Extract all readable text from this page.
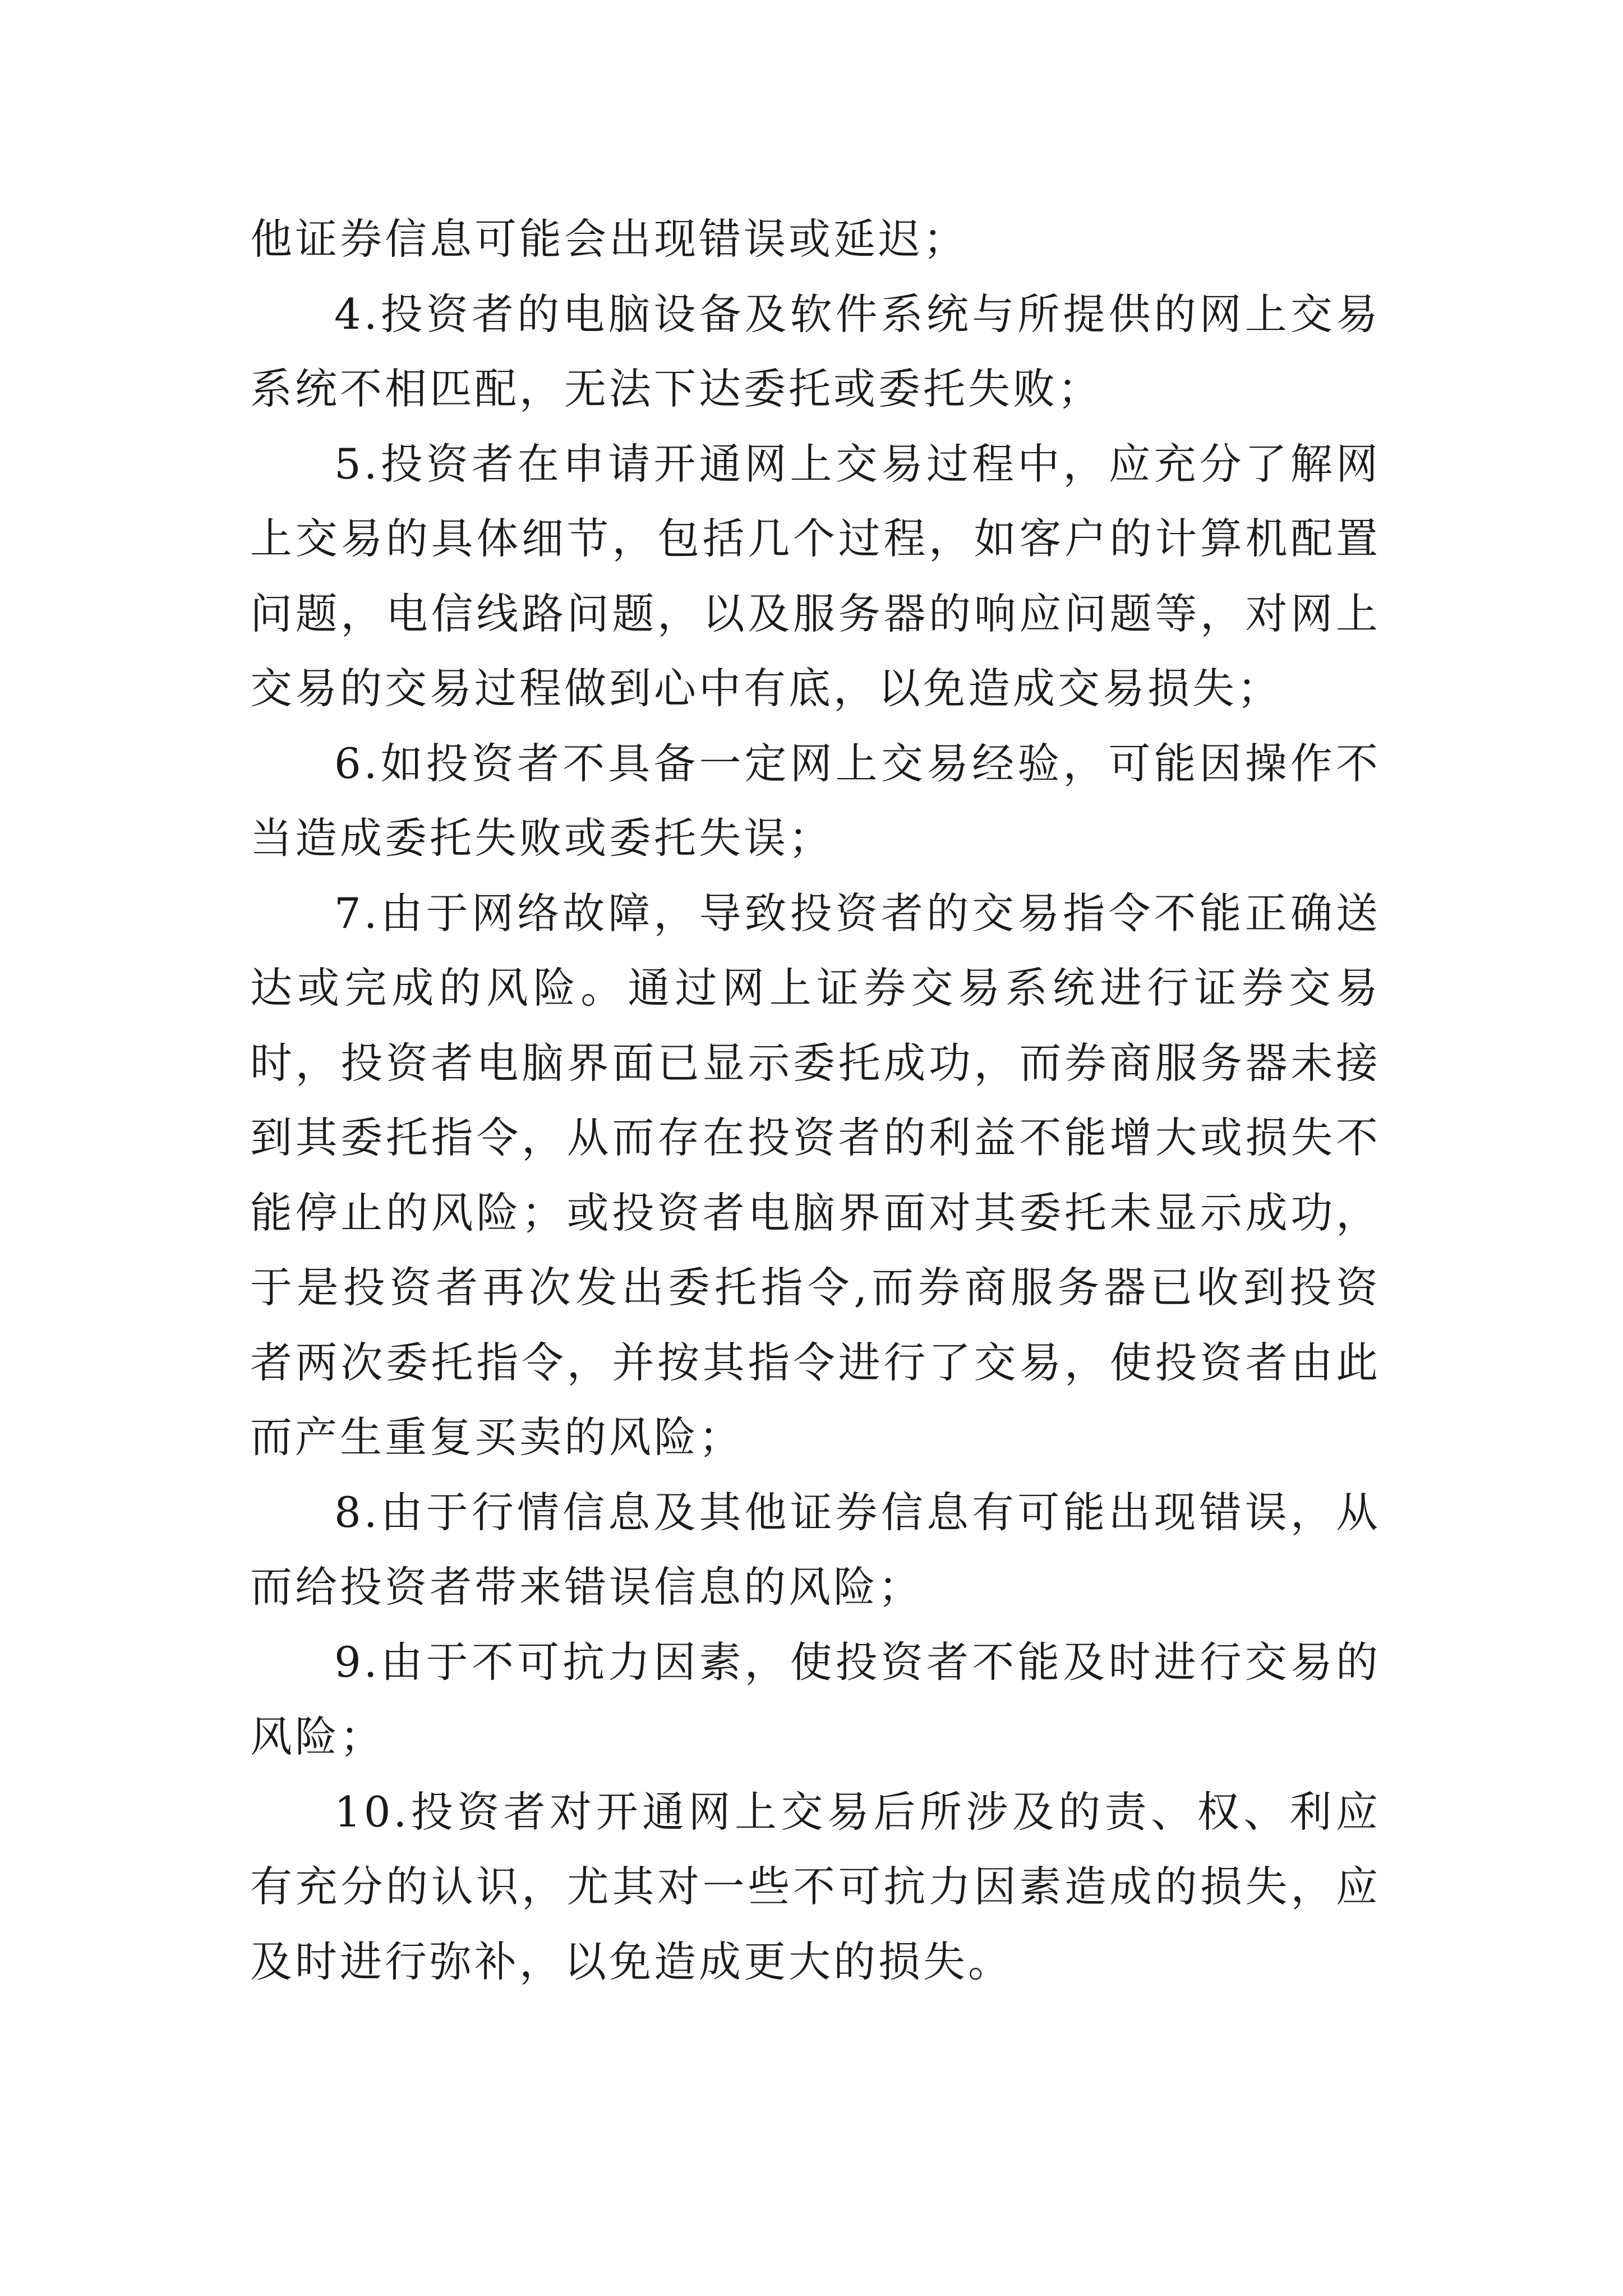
他证券信息可能会出现错误或延迟；

4.投资者的电脑设备及软件系统与所提供的网上交易系统不相匹配，无法下达委托或委托失败；

5.投资者在申请开通网上交易过程中，应充分了解网上交易的具体细节，包括几个过程，如客户的计算机配置问题，电信线路问题，以及服务器的响应问题等，对网上交易的交易过程做到心中有底，以免造成交易损失；

6.如投资者不具备一定网上交易经验，可能因操作不当造成委托失败或委托失误；

7.由于网络故障，导致投资者的交易指令不能正确送达或完成的风险。通过网上证券交易系统进行证券交易时，投资者电脑界面已显示委托成功，而券商服务器未接到其委托指令，从而存在投资者的利益不能增大或损失不能停止的风险；或投资者电脑界面对其委托未显示成功，于是投资者再次发出委托指令,而券商服务器已收到投资者两次委托指令，并按其指令进行了交易，使投资者由此而产生重复买卖的风险；

8.由于行情信息及其他证券信息有可能出现错误，从而给投资者带来错误信息的风险；

9.由于不可抗力因素，使投资者不能及时进行交易的风险；

10.投资者对开通网上交易后所涉及的责、权、利应有充分的认识，尤其对一些不可抗力因素造成的损失，应及时进行弥补，以免造成更大的损失。
